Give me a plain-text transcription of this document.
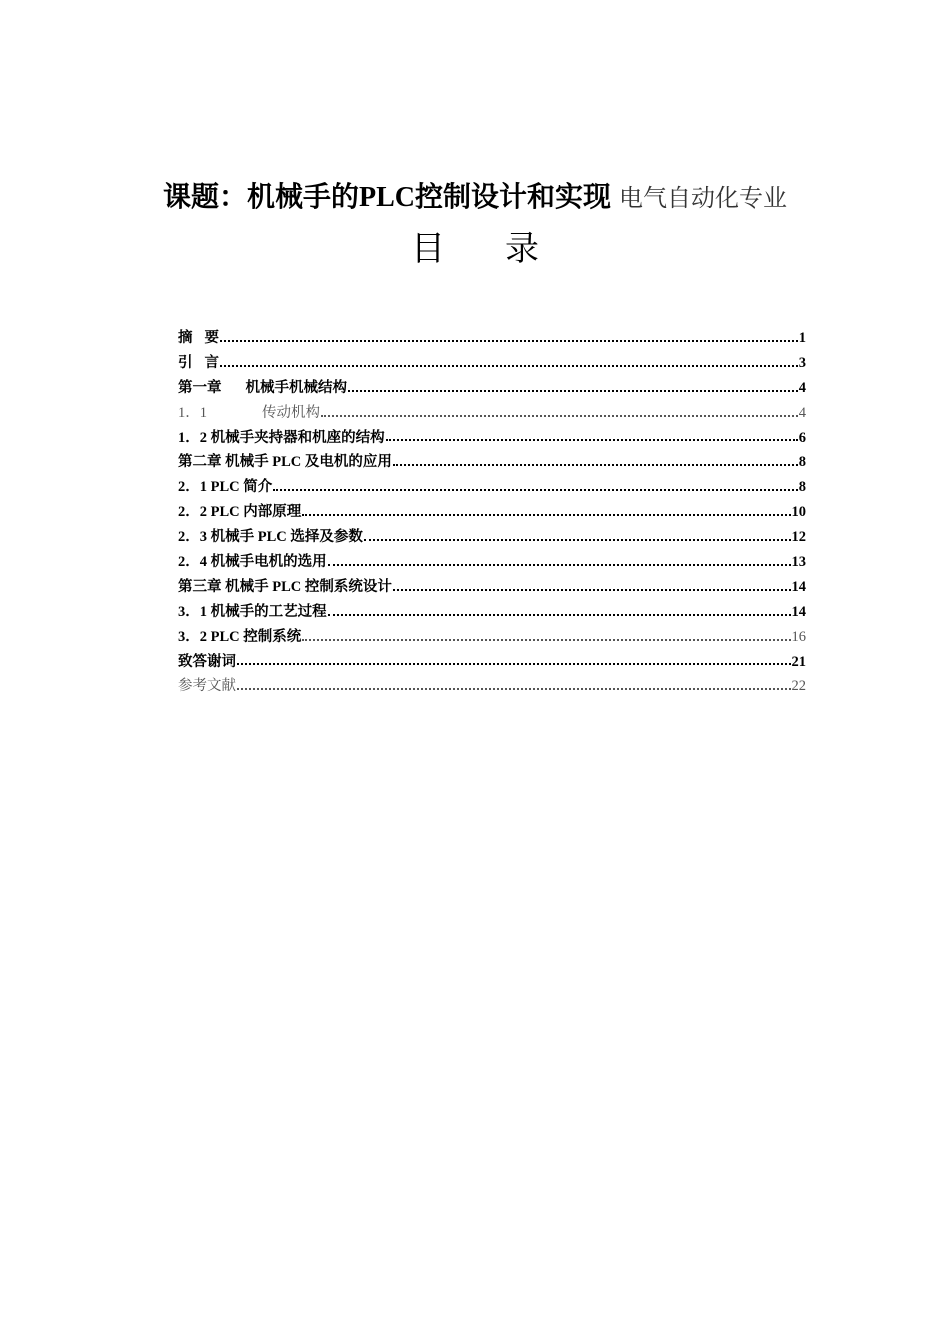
课题：机械手的PLC控制设计和实现 电气自动化专业
目 录
摘 要	1
引 言	3
第一章 机械手机械结构	4
1．1	传动机构	4
1．2 机械手夹持器和机座的结构	6
第二章 机械手 PLC 及电机的应用	8
2．1 PLC 简介	8
2．2 PLC 内部原理	10
2．3 机械手 PLC 选择及参数	12
2．4 机械手电机的选用	13
第三章 机械手 PLC 控制系统设计	14
3．1 机械手的工艺过程	14
3．2 PLC 控制系统	16
致答谢词	21
参考文献	22
